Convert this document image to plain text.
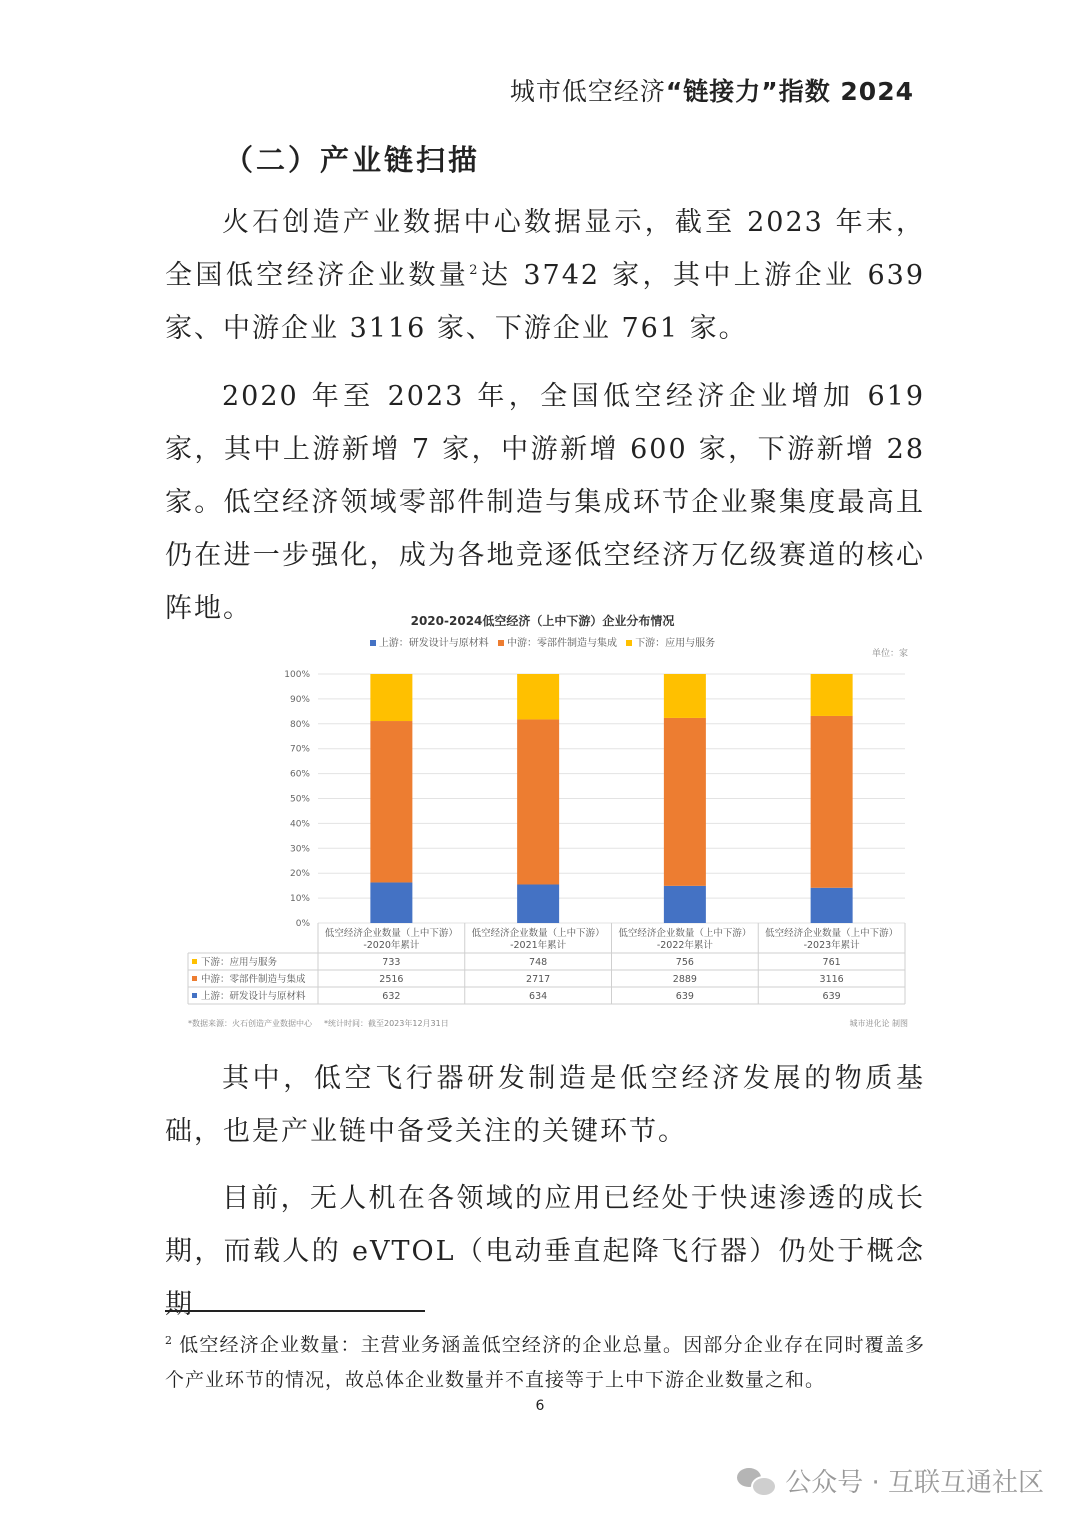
城市低空经济“链接力”指数 2024
（二）产业链扫描

火石创造产业数据中心数据显示，截至 2023 年末，全国低空经济企业数量$^2$达 3742 家，其中上游企业 639 家、中游企业 3116 家、下游企业 761 家。

2020 年至 2023 年，全国低空经济企业增加 619 家，其中上游新增 7 家，中游新增 600 家，下游新增 28 家。低空经济领域零部件制造与集成环节企业聚集度最高且仍在进一步强化，成为各地竞逐低空经济万亿级赛道的核心阵地。	2020-2024低空经济（上中下游）企业分布情况
上游：研发设计与原材料 中游：零部件制造与集成 下游：应用与服务
单位：家
0%
10%
20%
30%
40%
50%
60%
70%
80%
90%
100%
低空经济企业数量（上中下游）
-2020年累计
低空经济企业数量（上中下游）
-2021年累计
低空经济企业数量（上中下游）
-2022年累计
低空经济企业数量（上中下游）
-2023年累计
下游：应用与服务	733	748	756	761
中游：零部件制造与集成	2516	2717	2889	3116
上游：研发设计与原材料	632	634	639	639
*数据来源：火石创造产业数据中心 *统计时间：截至2023年12月31日	城市进化论 制图

其中，低空飞行器研发制造是低空经济发展的物质基础，也是产业链中备受关注的关键环节。

目前，无人机在各领域的应用已经处于快速渗透的成长期，而载人的 eVTOL（电动垂直起降飞行器）仍处于概念期

$^2$ 低空经济企业数量：主营业务涵盖低空经济的企业总量。因部分企业存在同时覆盖多个产业环节的情况，故总体企业数量并不直接等于上中下游企业数量之和。

6
公众号 · 互联互通社区
